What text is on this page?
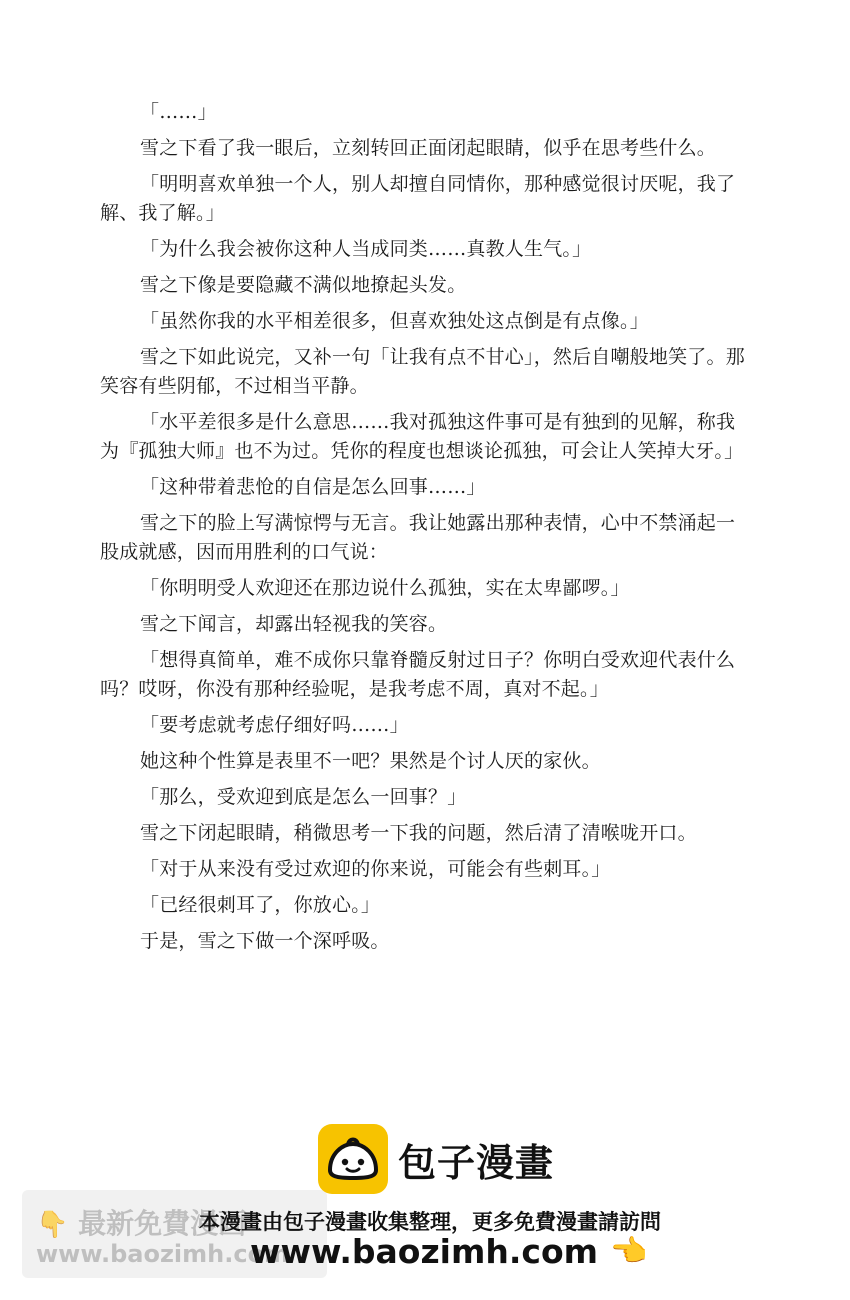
「……」

雪之下看了我一眼后，立刻转回正面闭起眼睛，似乎在思考些什么。

「明明喜欢单独一个人，别人却擅自同情你，那种感觉很讨厌呢，我了解、我了解。」

「为什么我会被你这种人当成同类……真教人生气。」

雪之下像是要隐藏不满似地撩起头发。

「虽然你我的水平相差很多，但喜欢独处这点倒是有点像。」

雪之下如此说完，又补一句「让我有点不甘心」，然后自嘲般地笑了。那笑容有些阴郁，不过相当平静。

「水平差很多是什么意思……我对孤独这件事可是有独到的见解，称我为『孤独大师』也不为过。凭你的程度也想谈论孤独，可会让人笑掉大牙。」

「这种带着悲怆的自信是怎么回事……」

雪之下的脸上写满惊愕与无言。我让她露出那种表情，心中不禁涌起一股成就感，因而用胜利的口气说：

「你明明受人欢迎还在那边说什么孤独，实在太卑鄙啰。」

雪之下闻言，却露出轻视我的笑容。

「想得真简单，难不成你只靠脊髓反射过日子？你明白受欢迎代表什么吗？哎呀，你没有那种经验呢，是我考虑不周，真对不起。」

「要考虑就考虑仔细好吗……」

她这种个性算是表里不一吧？果然是个讨人厌的家伙。

「那么，受欢迎到底是怎么一回事？」

雪之下闭起眼睛，稍微思考一下我的问题，然后清了清喉咙开口。

「对于从来没有受过欢迎的你来说，可能会有些刺耳。」

「已经很刺耳了，你放心。」

于是，雪之下做一个深呼吸。

👇 最新免費漫画
www.baozimh.com
包子漫畫
本漫畫由包子漫畫收集整理，更多免費漫畫請訪問
www.baozimh.com 👈
